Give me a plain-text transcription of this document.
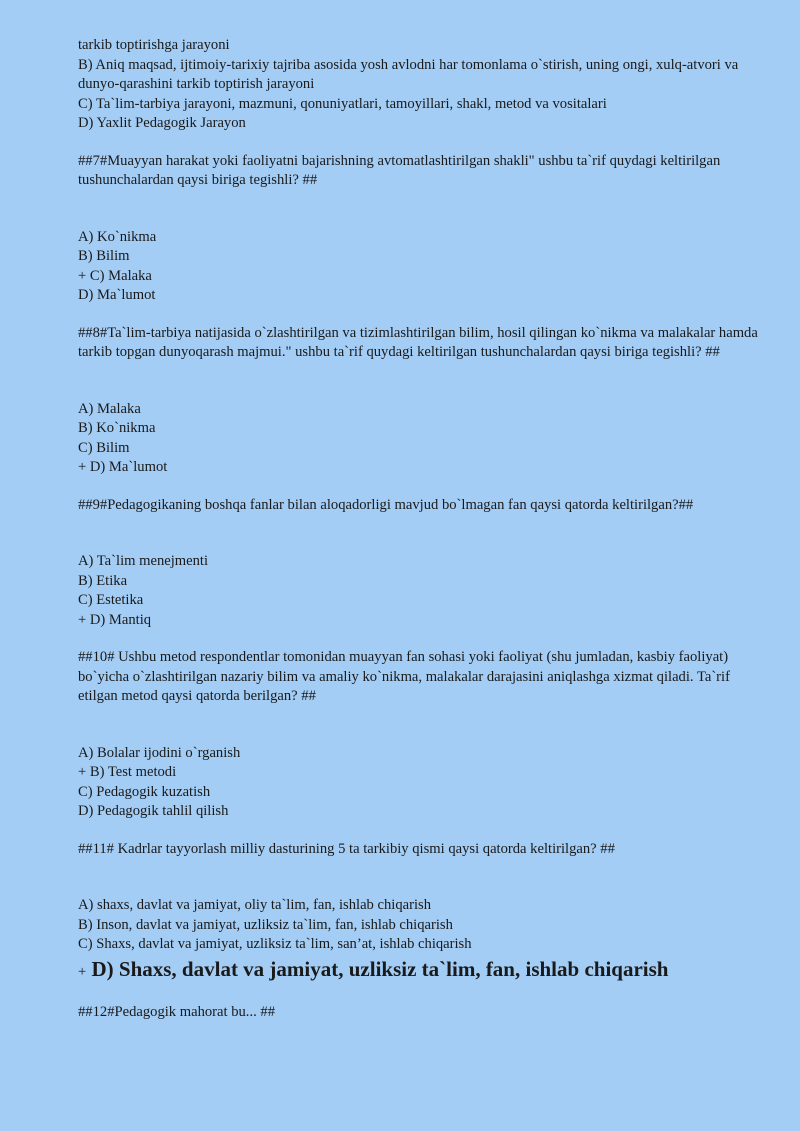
tarkib toptirishga jarayoni
B) Aniq maqsad, ijtimoiy-tarixiy tajriba asosida yosh avlodni har tomonlama o`stirish, uning ongi, xulq-atvori va dunyo-qarashini tarkib toptirish jarayoni
C) Ta`lim-tarbiya jarayoni, mazmuni, qonuniyatlari, tamoyillari, shakl, metod va vositalari
D) Yaxlit Pedagogik Jarayon
##7#Muayyan harakat yoki faoliyatni bajarishning avtomatlashtirilgan shakli" ushbu ta`rif quydagi keltirilgan tushunchalardan qaysi biriga tegishli? ##
A) Ko`nikma
B) Bilim
+ C) Malaka
D) Ma`lumot
##8#Ta`lim-tarbiya natijasida o`zlashtirilgan va tizimlashtirilgan bilim, hosil qilingan ko`nikma va malakalar hamda tarkib topgan dunyoqarash majmui." ushbu ta`rif quydagi keltirilgan tushunchalardan qaysi biriga tegishli? ##
A) Malaka
B) Ko`nikma
C) Bilim
+ D) Ma`lumot
##9#Pedagogikaning boshqa fanlar bilan aloqadorligi mavjud bo`lmagan fan qaysi qatorda keltirilgan?##
A) Ta`lim menejmenti
B) Etika
C) Estetika
+ D) Mantiq
##10# Ushbu metod respondentlar tomonidan muayyan fan sohasi yoki faoliyat (shu jumladan, kasbiy faoliyat) bo`yicha o`zlashtirilgan nazariy bilim va amaliy ko`nikma, malakalar darajasini aniqlashga xizmat qiladi. Ta`rif etilgan metod qaysi qatorda berilgan? ##
A) Bolalar ijodini o`rganish
+ B) Test metodi
C) Pedagogik kuzatish
D) Pedagogik tahlil qilish
##11# Kadrlar tayyorlash milliy dasturining 5 ta tarkibiy qismi qaysi qatorda keltirilgan? ##
A) shaxs, davlat va jamiyat, oliy ta`lim, fan, ishlab chiqarish
B) Inson, davlat va jamiyat, uzliksiz ta`lim, fan, ishlab chiqarish
C) Shaxs, davlat va jamiyat, uzliksiz ta`lim, san’at, ishlab chiqarish
+ D) Shaxs, davlat va jamiyat, uzliksiz ta`lim, fan, ishlab chiqarish
##12#Pedagogik mahorat bu... ##
